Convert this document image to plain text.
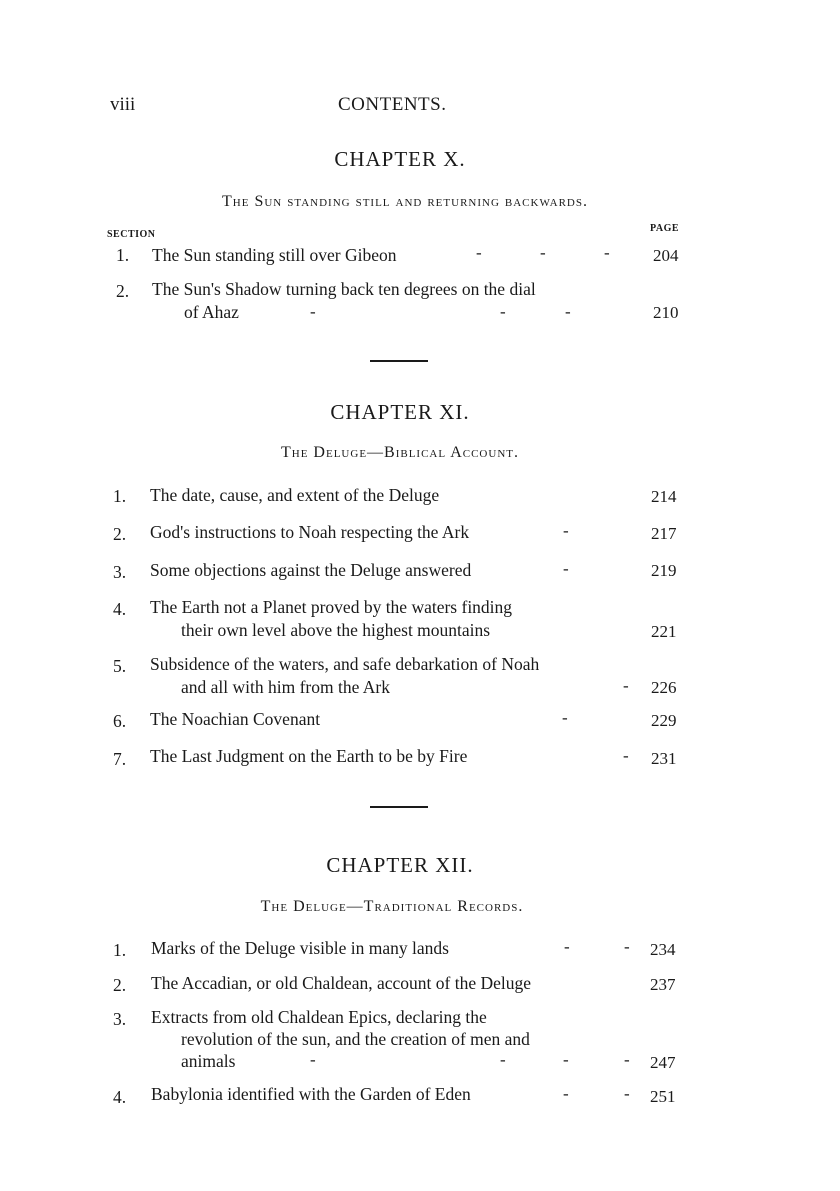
viii	CONTENTS.
CHAPTER X.
The Sun standing still and returning backwards.
SECTION
PAGE
1. The Sun standing still over Gibeon	-	-	-	204
2. The Sun's Shadow turning back ten degrees on the dial
of Ahaz	-	-	-	210
CHAPTER XI.
The Deluge—Biblical Account.
1. The date, cause, and extent of the Deluge	214
2. God's instructions to Noah respecting the Ark	-	217
3. Some objections against the Deluge answered	-	219
4. The Earth not a Planet proved by the waters finding
their own level above the highest mountains	221
5. Subsidence of the waters, and safe debarkation of Noah
and all with him from the Ark	- 226
6. The Noachian Covenant	-	229
7. The Last Judgment on the Earth to be by Fire	- 231
CHAPTER XII.
The Deluge—Traditional Records.
1. Marks of the Deluge visible in many lands	-	- 234
2. The Accadian, or old Chaldean, account of the Deluge	237
3. Extracts from old Chaldean Epics, declaring the
revolution of the sun, and the creation of men and
animals	-	-	-	- 247
4. Babylonia identified with the Garden of Eden	-	- 251
